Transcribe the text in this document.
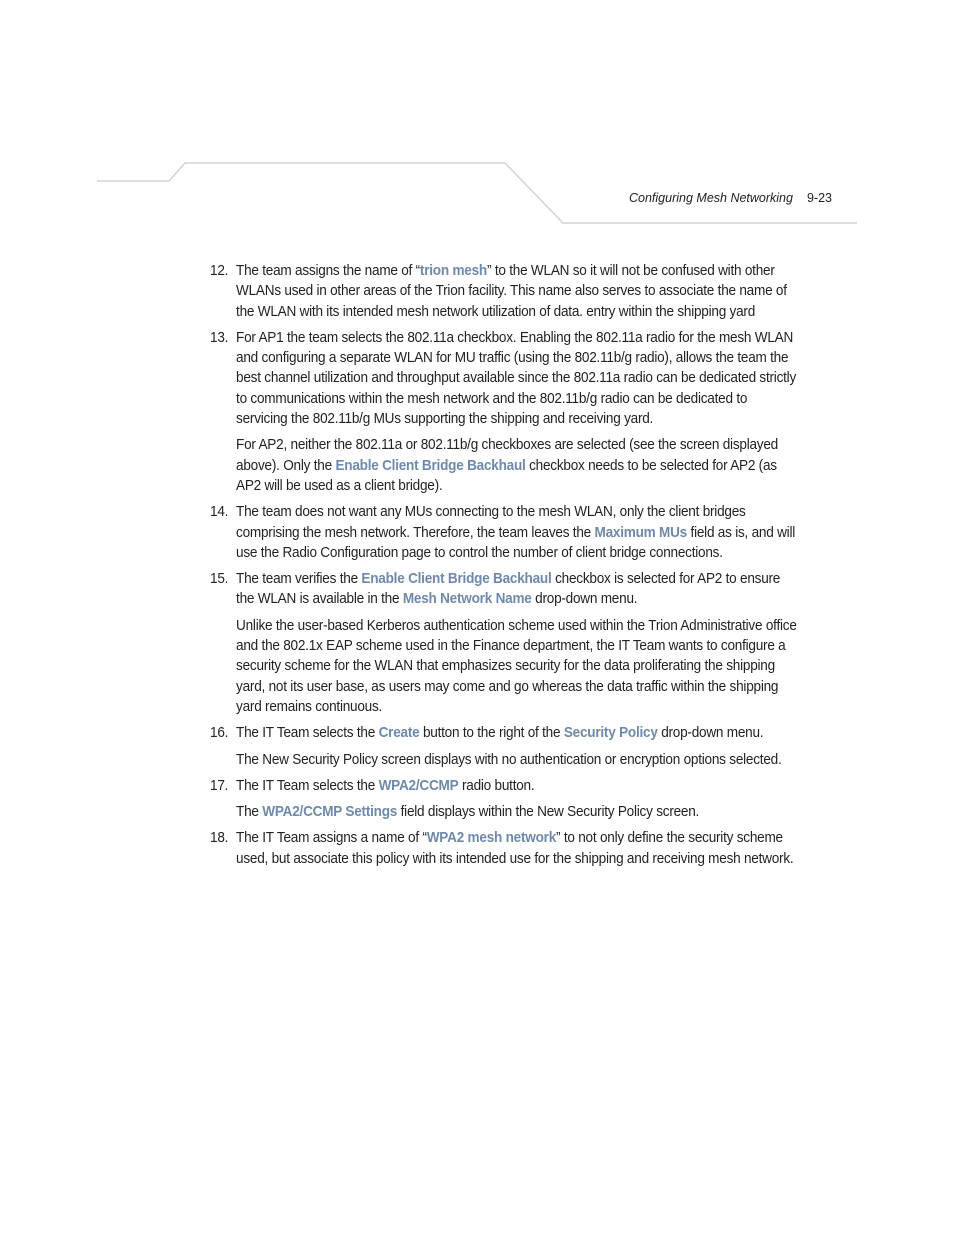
Configuring Mesh Networking 9-23
12. The team assigns the name of “trion mesh” to the WLAN so it will not be confused with other WLANs used in other areas of the Trion facility. This name also serves to associate the name of the WLAN with its intended mesh network utilization of data. entry within the shipping yard
13. For AP1 the team selects the 802.11a checkbox. Enabling the 802.11a radio for the mesh WLAN and configuring a separate WLAN for MU traffic (using the 802.11b/g radio), allows the team the best channel utilization and throughput available since the 802.11a radio can be dedicated strictly to communications within the mesh network and the 802.11b/g radio can be dedicated to servicing the 802.11b/g MUs supporting the shipping and receiving yard.
For AP2, neither the 802.11a or 802.11b/g checkboxes are selected (see the screen displayed above). Only the Enable Client Bridge Backhaul checkbox needs to be selected for AP2 (as AP2 will be used as a client bridge).
14. The team does not want any MUs connecting to the mesh WLAN, only the client bridges comprising the mesh network. Therefore, the team leaves the Maximum MUs field as is, and will use the Radio Configuration page to control the number of client bridge connections.
15. The team verifies the Enable Client Bridge Backhaul checkbox is selected for AP2 to ensure the WLAN is available in the Mesh Network Name drop-down menu.
Unlike the user-based Kerberos authentication scheme used within the Trion Administrative office and the 802.1x EAP scheme used in the Finance department, the IT Team wants to configure a security scheme for the WLAN that emphasizes security for the data proliferating the shipping yard, not its user base, as users may come and go whereas the data traffic within the shipping yard remains continuous.
16. The IT Team selects the Create button to the right of the Security Policy drop-down menu.
The New Security Policy screen displays with no authentication or encryption options selected.
17. The IT Team selects the WPA2/CCMP radio button.
The WPA2/CCMP Settings field displays within the New Security Policy screen.
18. The IT Team assigns a name of “WPA2 mesh network” to not only define the security scheme used, but associate this policy with its intended use for the shipping and receiving mesh network.
